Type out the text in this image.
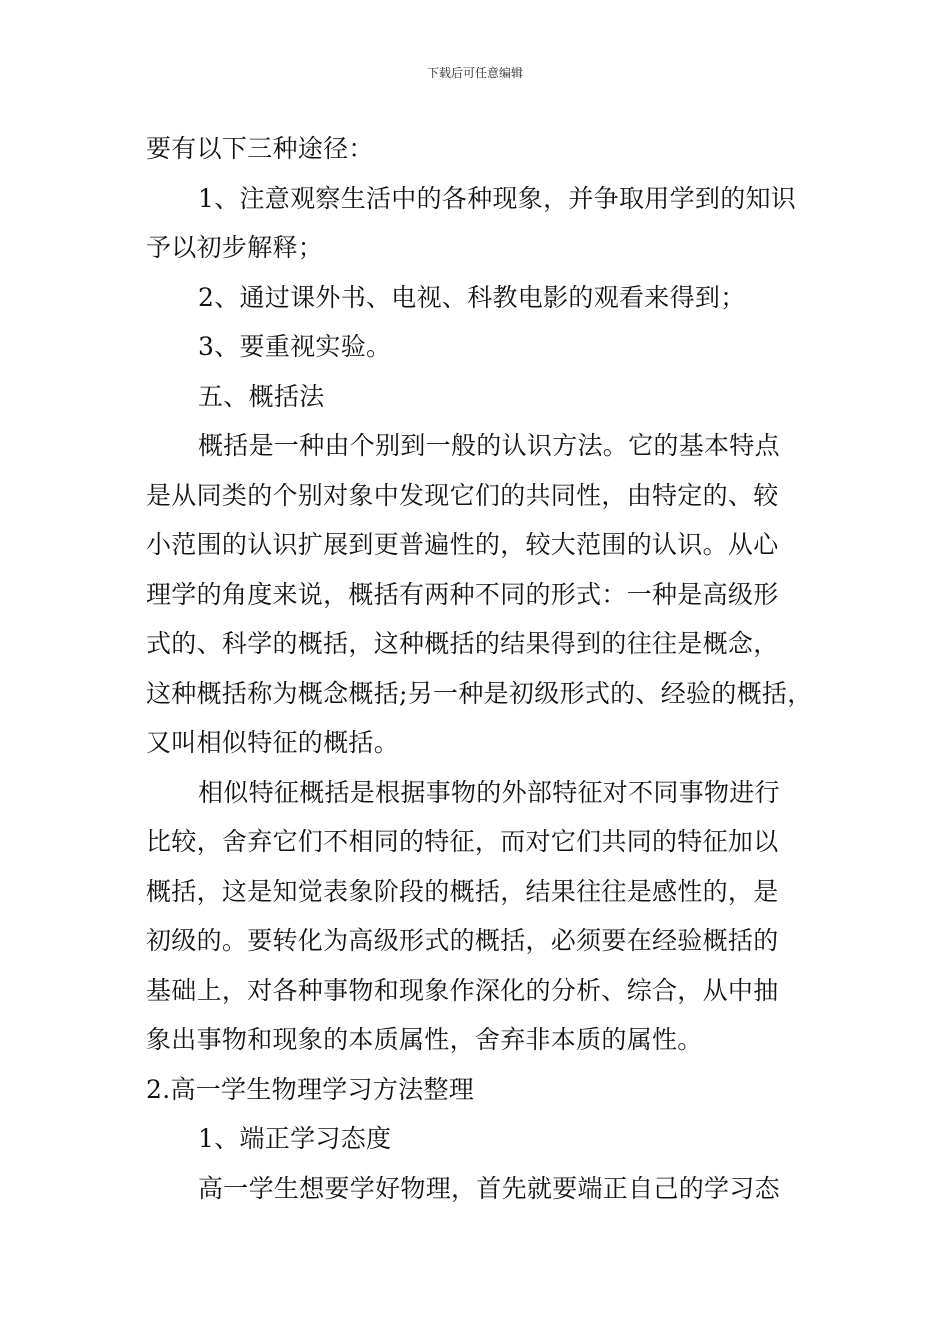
下载后可任意编辑

要有以下三种途径：

1、注意观察生活中的各种现象，并争取用学到的知识

予以初步解释；

2、通过课外书、电视、科教电影的观看来得到；

3、要重视实验。

五、概括法

概括是一种由个别到一般的认识方法。它的基本特点

是从同类的个别对象中发现它们的共同性，由特定的、较

小范围的认识扩展到更普遍性的，较大范围的认识。从心

理学的角度来说，概括有两种不同的形式：一种是高级形

式的、科学的概括，这种概括的结果得到的往往是概念，

这种概括称为概念概括;另一种是初级形式的、经验的概括，

又叫相似特征的概括。

相似特征概括是根据事物的外部特征对不同事物进行

比较，舍弃它们不相同的特征，而对它们共同的特征加以

概括，这是知觉表象阶段的概括，结果往往是感性的，是

初级的。要转化为高级形式的概括，必须要在经验概括的

基础上，对各种事物和现象作深化的分析、综合，从中抽

象出事物和现象的本质属性，舍弃非本质的属性。

2.高一学生物理学习方法整理

1、端正学习态度

高一学生想要学好物理，首先就要端正自己的学习态
